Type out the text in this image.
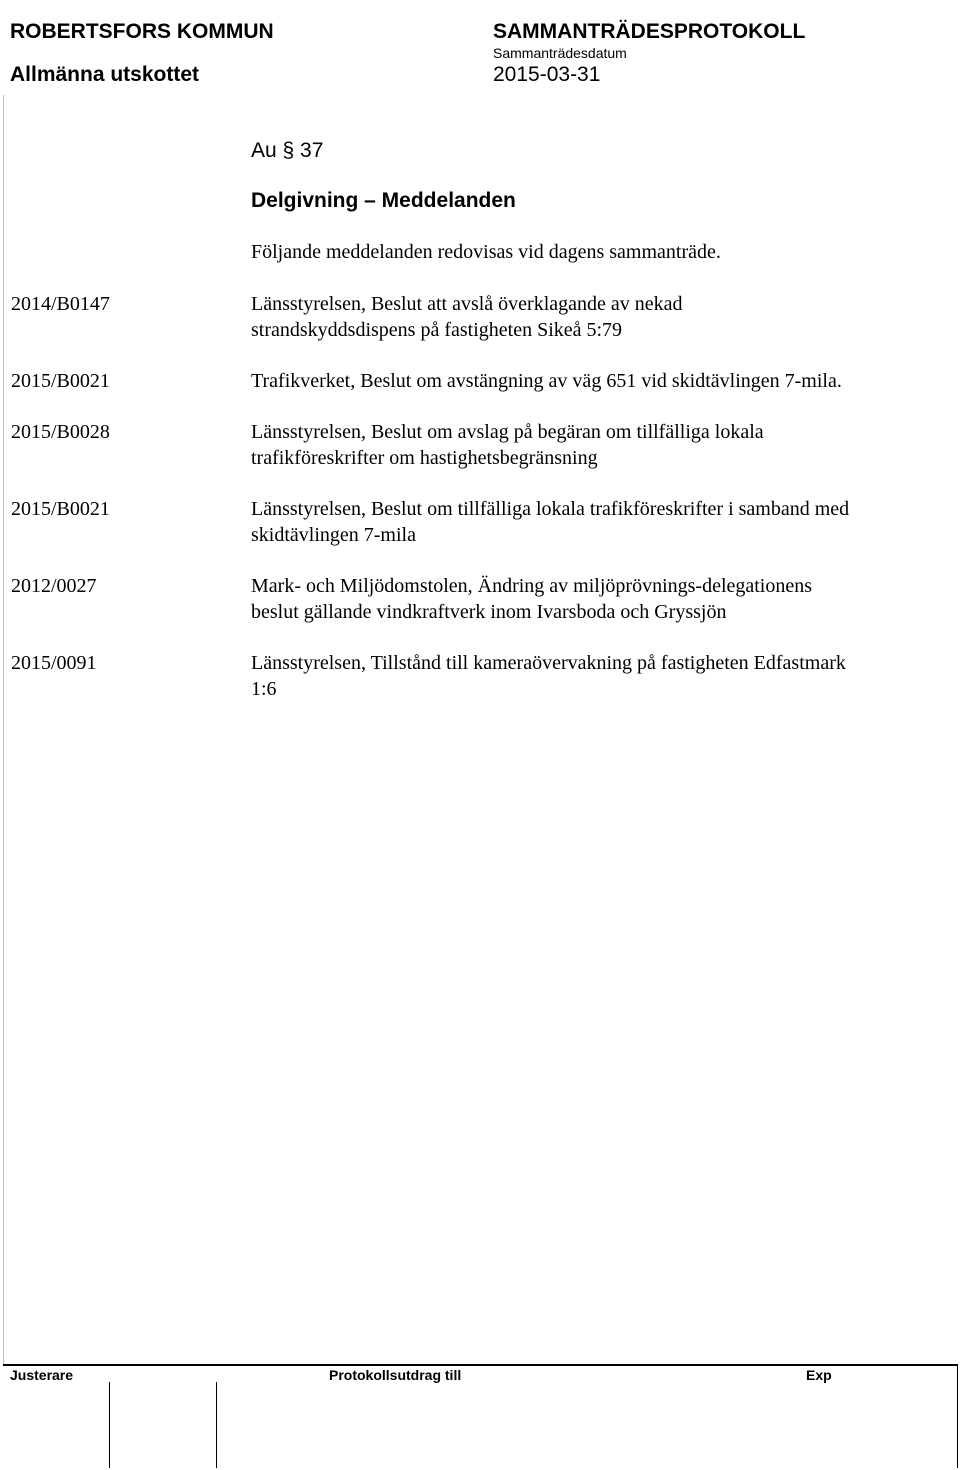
ROBERTSFORS KOMMUN	SAMMANTRÄDESPROTOKOLL
Sammanträdesdatum
Allmänna utskottet	2015-03-31
Au § 37
Delgivning – Meddelanden
Följande meddelanden redovisas vid dagens sammanträde.
2014/B0147	Länsstyrelsen, Beslut att avslå överklagande av nekad strandskyddsdispens på fastigheten Sikeå 5:79
2015/B0021	Trafikverket, Beslut om avstängning av väg 651 vid skidtävlingen 7-mila.
2015/B0028	Länsstyrelsen, Beslut om avslag på begäran om tillfälliga lokala trafikföreskrifter om hastighetsbegränsning
2015/B0021	Länsstyrelsen, Beslut om tillfälliga lokala trafikföreskrifter i samband med skidtävlingen 7-mila
2012/0027	Mark- och Miljödomstolen, Ändring av miljöprövnings-delegationens beslut gällande vindkraftverk inom Ivarsboda och Gryssjön
2015/0091	Länsstyrelsen, Tillstånd till kameraövervakning på fastigheten Edfastmark 1:6
Justerare	Protokollsutdrag till	Exp
